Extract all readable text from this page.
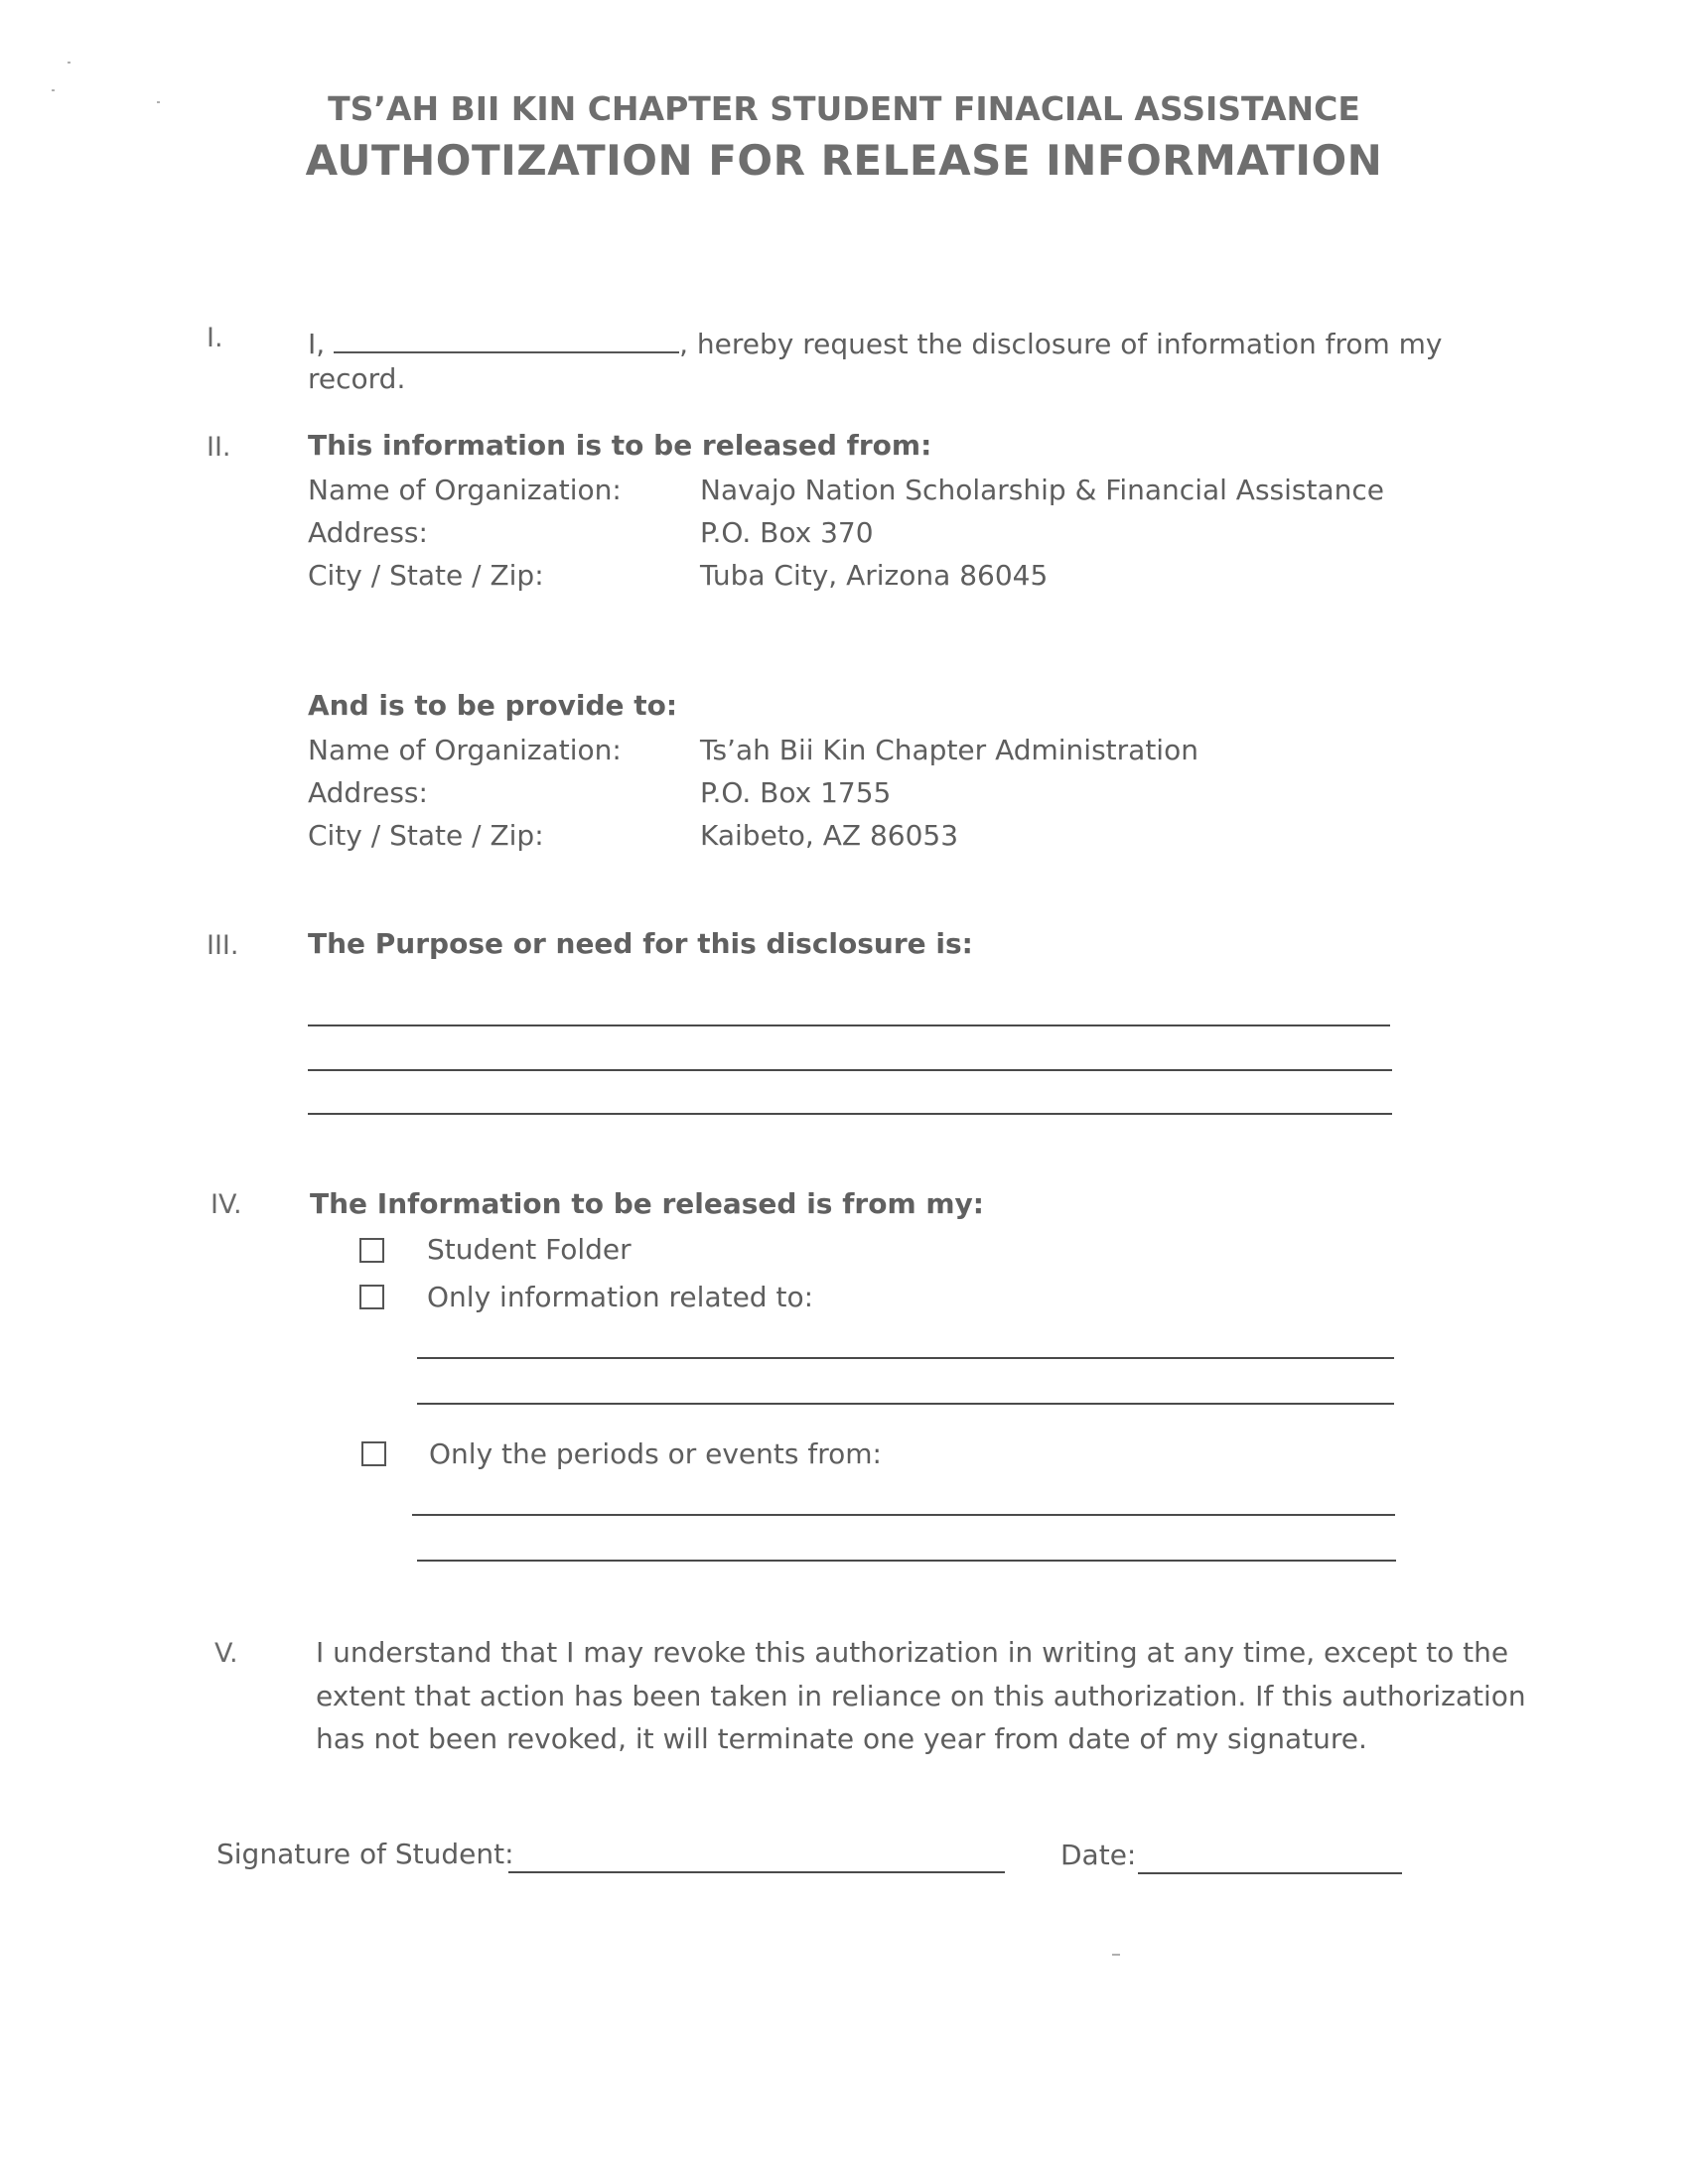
TS’AH BII KIN CHAPTER STUDENT FINACIAL ASSISTANCE
AUTHOTIZATION FOR RELEASE INFORMATION
I.	I,	, hereby request the disclosure of information from my
record.
II.	This information is to be released from:
Name of Organization:	Navajo Nation Scholarship & Financial Assistance
Address:	P.O. Box 370
City / State / Zip:	Tuba City, Arizona 86045
And is to be provide to:
Name of Organization:	Ts’ah Bii Kin Chapter Administration
Address:	P.O. Box 1755
City / State / Zip:	Kaibeto, AZ 86053
III. The Purpose or need for this disclosure is:
IV. The Information to be released is from my:
Student Folder
Only information related to:
Only the periods or events from:
V.	I understand that I may revoke this authorization in writing at any time, except to the
extent that action has been taken in reliance on this authorization. If this authorization
has not been revoked, it will terminate one year from date of my signature.
Signature of Student:	Date:
